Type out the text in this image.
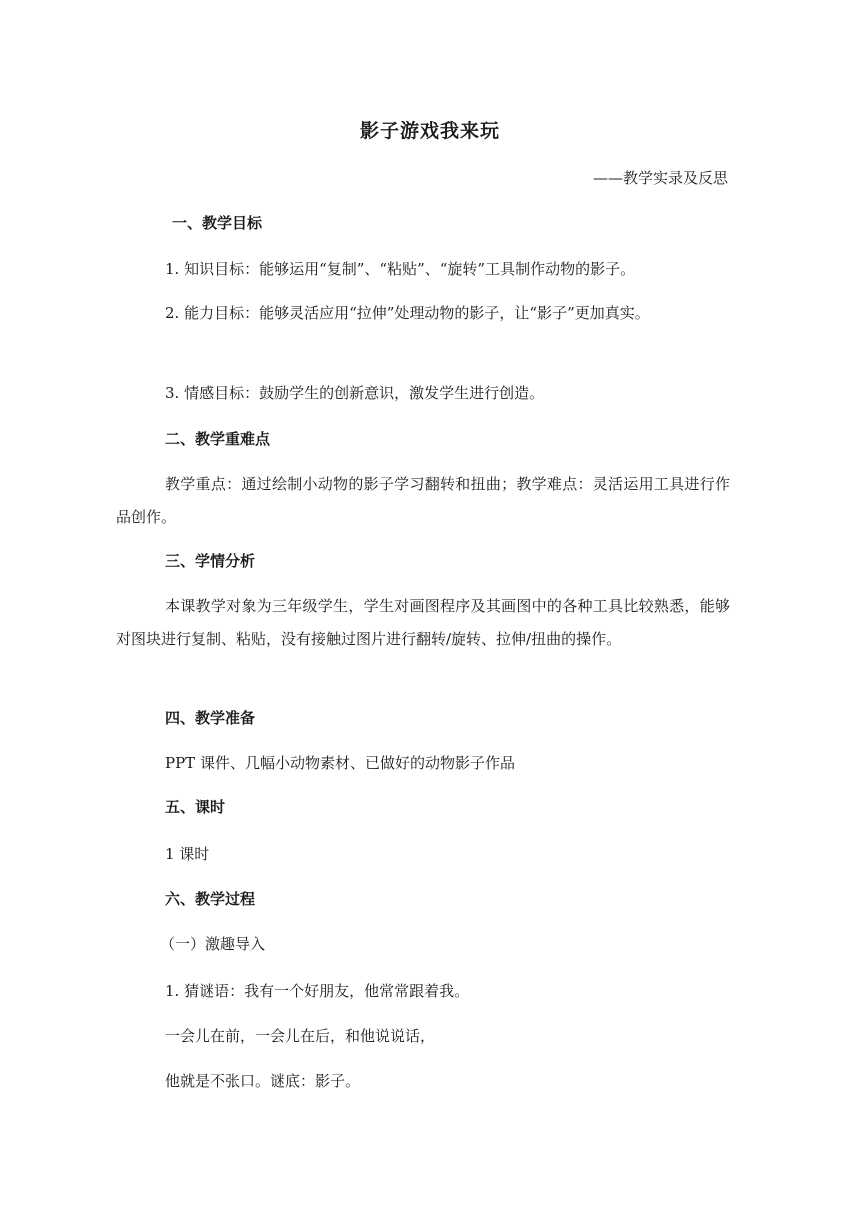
影子游戏我来玩
——教学实录及反思
一、教学目标
1. 知识目标：能够运用“复制”、“粘贴”、“旋转”工具制作动物的影子。
2. 能力目标：能够灵活应用“拉伸”处理动物的影子，让“影子”更加真实。
3. 情感目标：鼓励学生的创新意识，激发学生进行创造。
二、教学重难点
教学重点：通过绘制小动物的影子学习翻转和扭曲；教学难点：灵活运用工具进行作品创作。
三、学情分析
本课教学对象为三年级学生，学生对画图程序及其画图中的各种工具比较熟悉，能够对图块进行复制、粘贴，没有接触过图片进行翻转/旋转、拉伸/扭曲的操作。
四、教学准备
PPT 课件、几幅小动物素材、已做好的动物影子作品
五、课时
1 课时
六、教学过程
（一）激趣导入
1. 猜谜语：我有一个好朋友，他常常跟着我。
一会儿在前，一会儿在后，和他说说话，
他就是不张口。谜底：影子。
